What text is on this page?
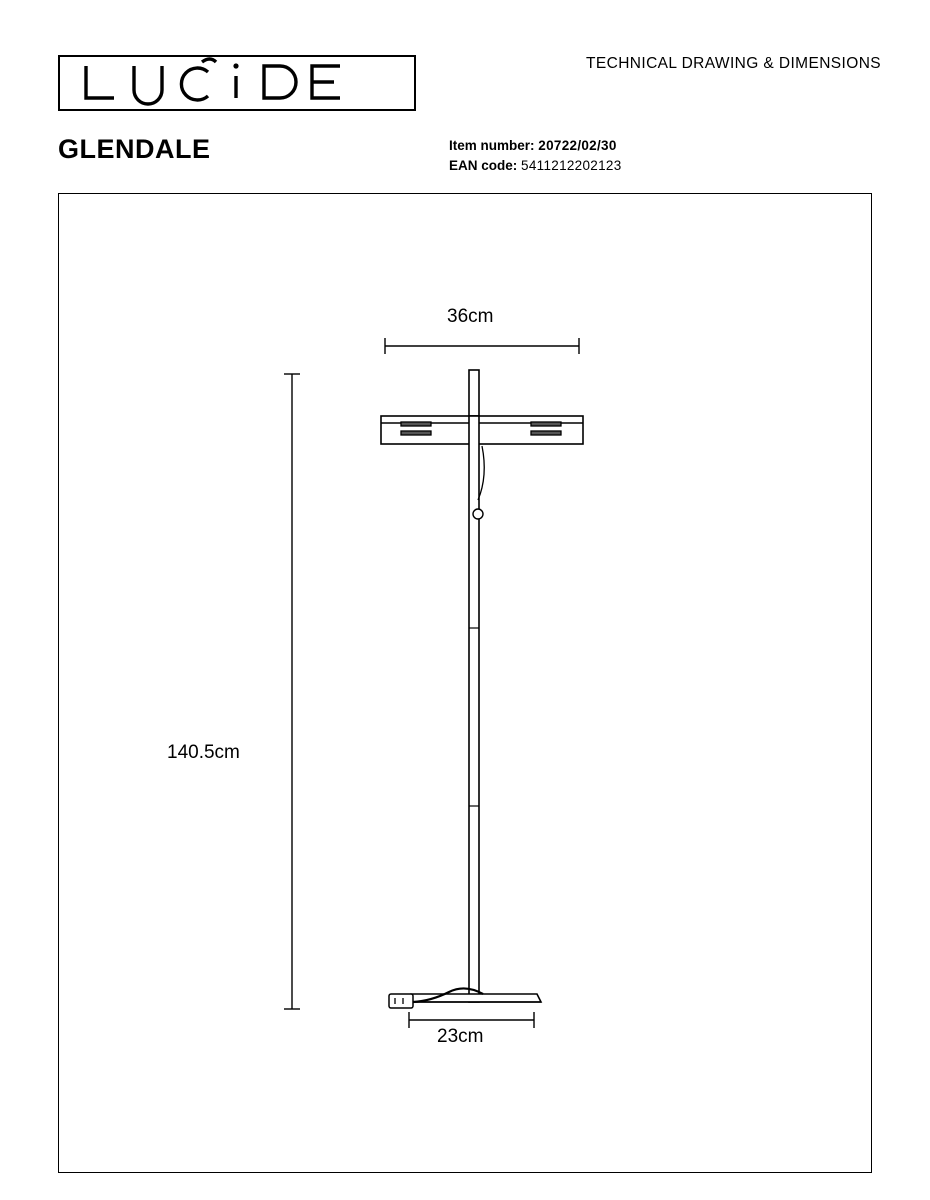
TECHNICAL DRAWING & DIMENSIONS
GLENDALE	Item number: 20722/02/30
EAN code: 5411212202123
36cm
140.5cm
23cm
